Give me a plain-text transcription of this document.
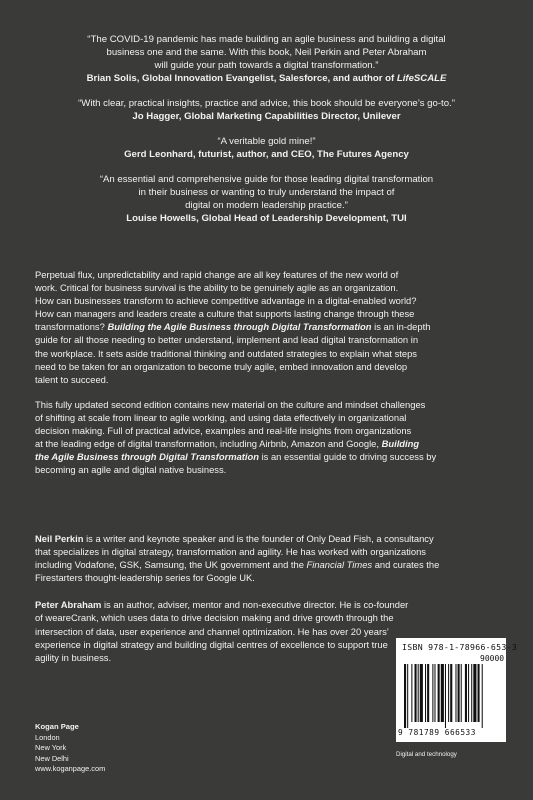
“The COVID-19 pandemic has made building an agile business and building a digital
business one and the same. With this book, Neil Perkin and Peter Abraham
will guide your path towards a digital transformation.”
Brian Solis, Global Innovation Evangelist, Salesforce, and author of LifeSCALE
“With clear, practical insights, practice and advice, this book should be everyone’s go-to.”
Jo Hagger, Global Marketing Capabilities Director, Unilever
“A veritable gold mine!”
Gerd Leonhard, futurist, author, and CEO, The Futures Agency
“An essential and comprehensive guide for those leading digital transformation
in their business or wanting to truly understand the impact of
digital on modern leadership practice.”
Louise Howells, Global Head of Leadership Development, TUI
Perpetual flux, unpredictability and rapid change are all key features of the new world of
work. Critical for business survival is the ability to be genuinely agile as an organization.
How can businesses transform to achieve competitive advantage in a digital-enabled world?
How can managers and leaders create a culture that supports lasting change through these
transformations? Building the Agile Business through Digital Transformation is an in-depth
guide for all those needing to better understand, implement and lead digital transformation in
the workplace. It sets aside traditional thinking and outdated strategies to explain what steps
need to be taken for an organization to become truly agile, embed innovation and develop
talent to succeed.
This fully updated second edition contains new material on the culture and mindset challenges
of shifting at scale from linear to agile working, and using data effectively in organizational
decision making. Full of practical advice, examples and real-life insights from organizations
at the leading edge of digital transformation, including Airbnb, Amazon and Google, Building
the Agile Business through Digital Transformation is an essential guide to driving success by
becoming an agile and digital native business.
Neil Perkin is a writer and keynote speaker and is the founder of Only Dead Fish, a consultancy
that specializes in digital strategy, transformation and agility. He has worked with organizations
including Vodafone, GSK, Samsung, the UK government and the Financial Times and curates the
Firestarters thought-leadership series for Google UK.
Peter Abraham is an author, adviser, mentor and non-executive director. He is co-founder
of weareCrank, which uses data to drive decision making and drive growth through the
intersection of data, user experience and channel optimization. He has over 20 years’
experience in digital strategy and building digital centres of excellence to support true
agility in business.
Kogan Page
London
New York
New Delhi
www.koganpage.com
ISBN 978-1-78966-653-3
90000
9 781789 666533
Digital and technology
